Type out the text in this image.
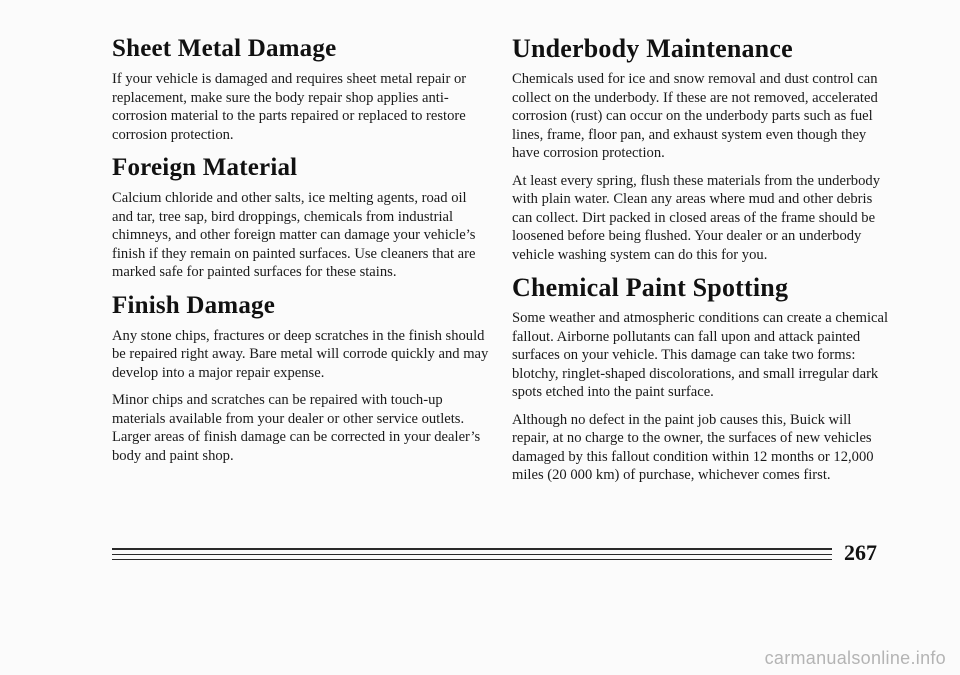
Sheet Metal Damage

If your vehicle is damaged and requires sheet metal repair or replacement, make sure the body repair shop applies anti-corrosion material to the parts repaired or replaced to restore corrosion protection.

Foreign Material

Calcium chloride and other salts, ice melting agents, road oil and tar, tree sap, bird droppings, chemicals from industrial chimneys, and other foreign matter can damage your vehicle’s finish if they remain on painted surfaces. Use cleaners that are marked safe for painted surfaces for these stains.

Finish Damage

Any stone chips, fractures or deep scratches in the finish should be repaired right away. Bare metal will corrode quickly and may develop into a major repair expense.

Minor chips and scratches can be repaired with touch-up materials available from your dealer or other service outlets. Larger areas of finish damage can be corrected in your dealer’s body and paint shop.

Underbody Maintenance

Chemicals used for ice and snow removal and dust control can collect on the underbody. If these are not removed, accelerated corrosion (rust) can occur on the underbody parts such as fuel lines, frame, floor pan, and exhaust system even though they have corrosion protection.

At least every spring, flush these materials from the underbody with plain water. Clean any areas where mud and other debris can collect. Dirt packed in closed areas of the frame should be loosened before being flushed. Your dealer or an underbody vehicle washing system can do this for you.

Chemical Paint Spotting

Some weather and atmospheric conditions can create a chemical fallout. Airborne pollutants can fall upon and attack painted surfaces on your vehicle. This damage can take two forms: blotchy, ringlet-shaped discolorations, and small irregular dark spots etched into the paint surface.

Although no defect in the paint job causes this, Buick will repair, at no charge to the owner, the surfaces of new vehicles damaged by this fallout condition within 12 months or 12,000 miles (20 000 km) of purchase, whichever comes first.

267
carmanualsonline.info
